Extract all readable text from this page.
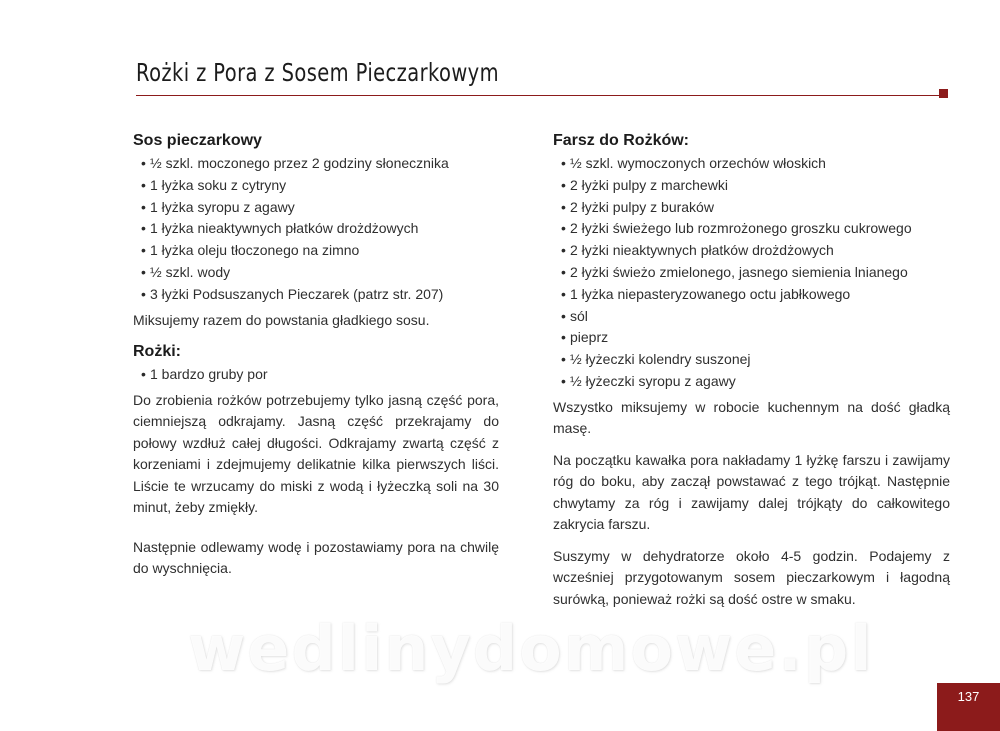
Rożki z Pora z Sosem Pieczarkowym
Sos pieczarkowy
• ½ szkl. moczonego przez 2 godziny słonecznika
• 1 łyżka soku z cytryny
• 1 łyżka syropu z agawy
• 1 łyżka nieaktywnych płatków drożdżowych
• 1 łyżka oleju tłoczonego na zimno
• ½ szkl. wody
• 3 łyżki Podsuszanych Pieczarek (patrz str. 207)

Miksujemy razem do powstania gładkiego sosu.

Rożki:
• 1 bardzo gruby por

Do zrobienia rożków potrzebujemy tylko jasną część pora, ciemniejszą odkrajamy. Jasną część przekrajamy do połowy wzdłuż całej długości. Odkrajamy zwartą część z korzeniami i zdejmujemy delikatnie kilka pierwszych liści. Liście te wrzucamy do miski z wodą i łyżeczką soli na 30 minut, żeby zmiękły.

Następnie odlewamy wodę i pozostawiamy pora na chwilę do wyschnięcia.

Farsz do Rożków:
• ½ szkl. wymoczonych orzechów włoskich
• 2 łyżki pulpy z marchewki
• 2 łyżki pulpy z buraków
• 2 łyżki świeżego lub rozmrożonego groszku cukrowego
• 2 łyżki nieaktywnych płatków drożdżowych
• 2 łyżki świeżo zmielonego, jasnego siemienia lnianego
• 1 łyżka niepasteryzowanego octu jabłkowego
• sól
• pieprz
• ½ łyżeczki kolendry suszonej
• ½ łyżeczki syropu z agawy

Wszystko miksujemy w robocie kuchennym na dość gładką masę.

Na początku kawałka pora nakładamy 1 łyżkę farszu i zawijamy róg do boku, aby zaczął powstawać z tego trójkąt. Następnie chwytamy za róg i zawijamy dalej trójkąty do całkowitego zakrycia farszu.

Suszymy w dehydratorze około 4-5 godzin. Podajemy z wcześniej przygotowanym sosem pieczarkowym i łagodną surówką, ponieważ rożki są dość ostre w smaku.

wedlinydomowe.pl
137
